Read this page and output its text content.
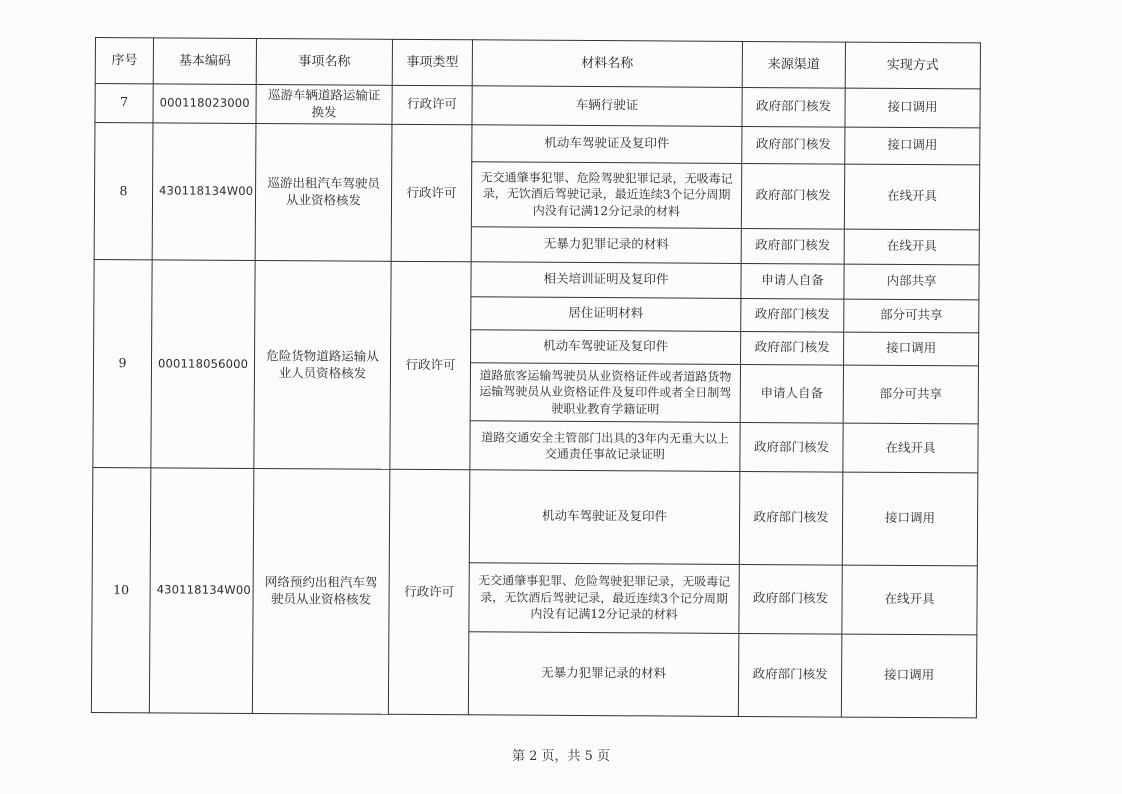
序号	基本编码	事项名称	事项类型	材料名称	来源渠道	实现方式
7	000118023000	巡游车辆道路运输证换发	行政许可	车辆行驶证	政府部门核发	接口调用
8	430118134W00	巡游出租汽车驾驶员从业资格核发	行政许可	机动车驾驶证及复印件	政府部门核发	接口调用
				无交通肇事犯罪、危险驾驶犯罪记录，无吸毒记录，无饮酒后驾驶记录，最近连续3个记分周期内没有记满12分记录的材料	政府部门核发	在线开具
				无暴力犯罪记录的材料	政府部门核发	在线开具
9	000118056000	危险货物道路运输从业人员资格核发	行政许可	相关培训证明及复印件	申请人自备	内部共享
				居住证明材料	政府部门核发	部分可共享
				机动车驾驶证及复印件	政府部门核发	接口调用
				道路旅客运输驾驶员从业资格证件或者道路货物运输驾驶员从业资格证件及复印件或者全日制驾驶职业教育学籍证明	申请人自备	部分可共享
				道路交通安全主管部门出具的3年内无重大以上交通责任事故记录证明	政府部门核发	在线开具
10	430118134W00	网络预约出租汽车驾驶员从业资格核发	行政许可	机动车驾驶证及复印件	政府部门核发	接口调用
				无交通肇事犯罪、危险驾驶犯罪记录，无吸毒记录，无饮酒后驾驶记录，最近连续3个记分周期内没有记满12分记录的材料	政府部门核发	在线开具
				无暴力犯罪记录的材料	政府部门核发	接口调用
第 2 页，共 5 页
